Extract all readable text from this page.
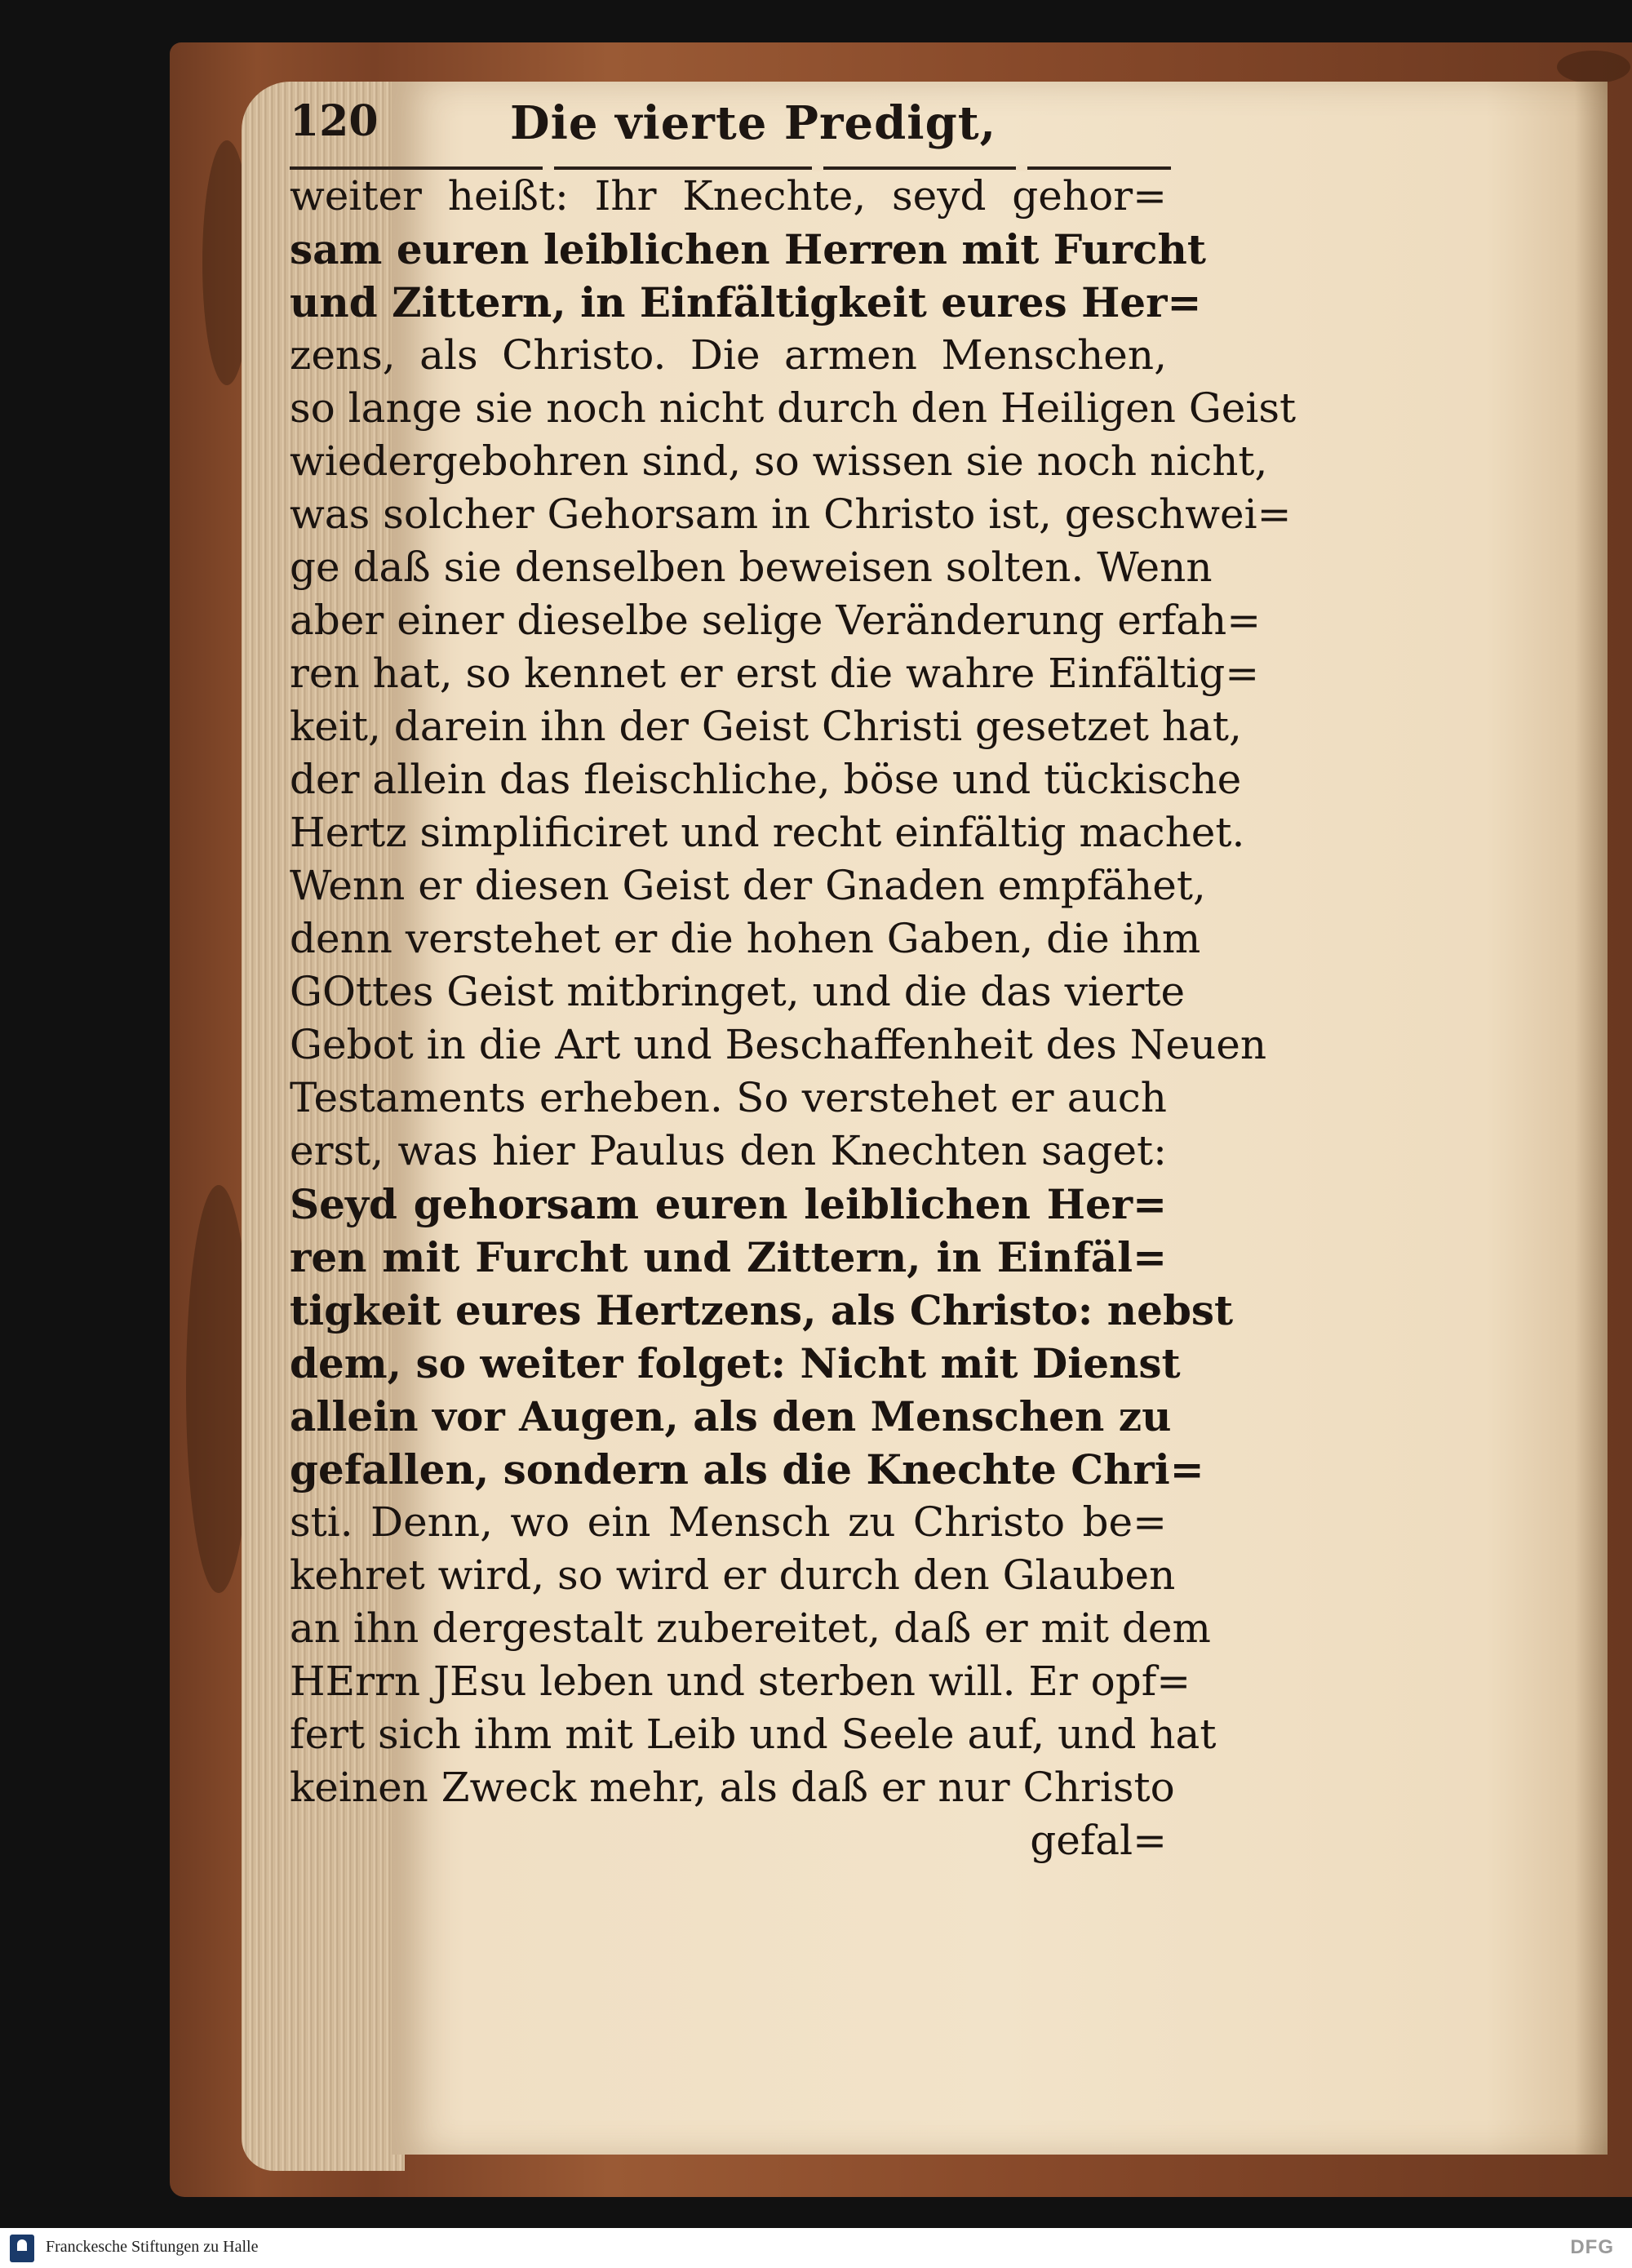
120	Die vierte Predigt,
weiter heißt: Ihr Knechte, seyd gehor=
sam euren leiblichen Herren mit Furcht
und Zittern, in Einfältigkeit eures Her=
zens, als Christo. Die armen Menschen,
so lange sie noch nicht durch den Heiligen Geist
wiedergebohren sind, so wissen sie noch nicht,
was solcher Gehorsam in Christo ist, geschwei=
ge daß sie denselben beweisen solten. Wenn
aber einer dieselbe selige Veränderung erfah=
ren hat, so kennet er erst die wahre Einfältig=
keit, darein ihn der Geist Christi gesetzet hat,
der allein das fleischliche, böse und tückische
Hertz simplificiret und recht einfältig machet.
Wenn er diesen Geist der Gnaden empfähet,
denn verstehet er die hohen Gaben, die ihm
GOttes Geist mitbringet, und die das vierte
Gebot in die Art und Beschaffenheit des Neuen
Testaments erheben. So verstehet er auch
erst, was hier Paulus den Knechten saget:
Seyd gehorsam euren leiblichen Her=
ren mit Furcht und Zittern, in Einfäl=
tigkeit eures Hertzens, als Christo: nebst
dem, so weiter folget: Nicht mit Dienst
allein vor Augen, als den Menschen zu
gefallen, sondern als die Knechte Chri=
sti. Denn, wo ein Mensch zu Christo be=
kehret wird, so wird er durch den Glauben
an ihn dergestalt zubereitet, daß er mit dem
HErrn JEsu leben und sterben will. Er opf=
fert sich ihm mit Leib und Seele auf, und hat
keinen Zweck mehr, als daß er nur Christo
gefal=
Franckesche Stiftungen zu Halle	DFG
